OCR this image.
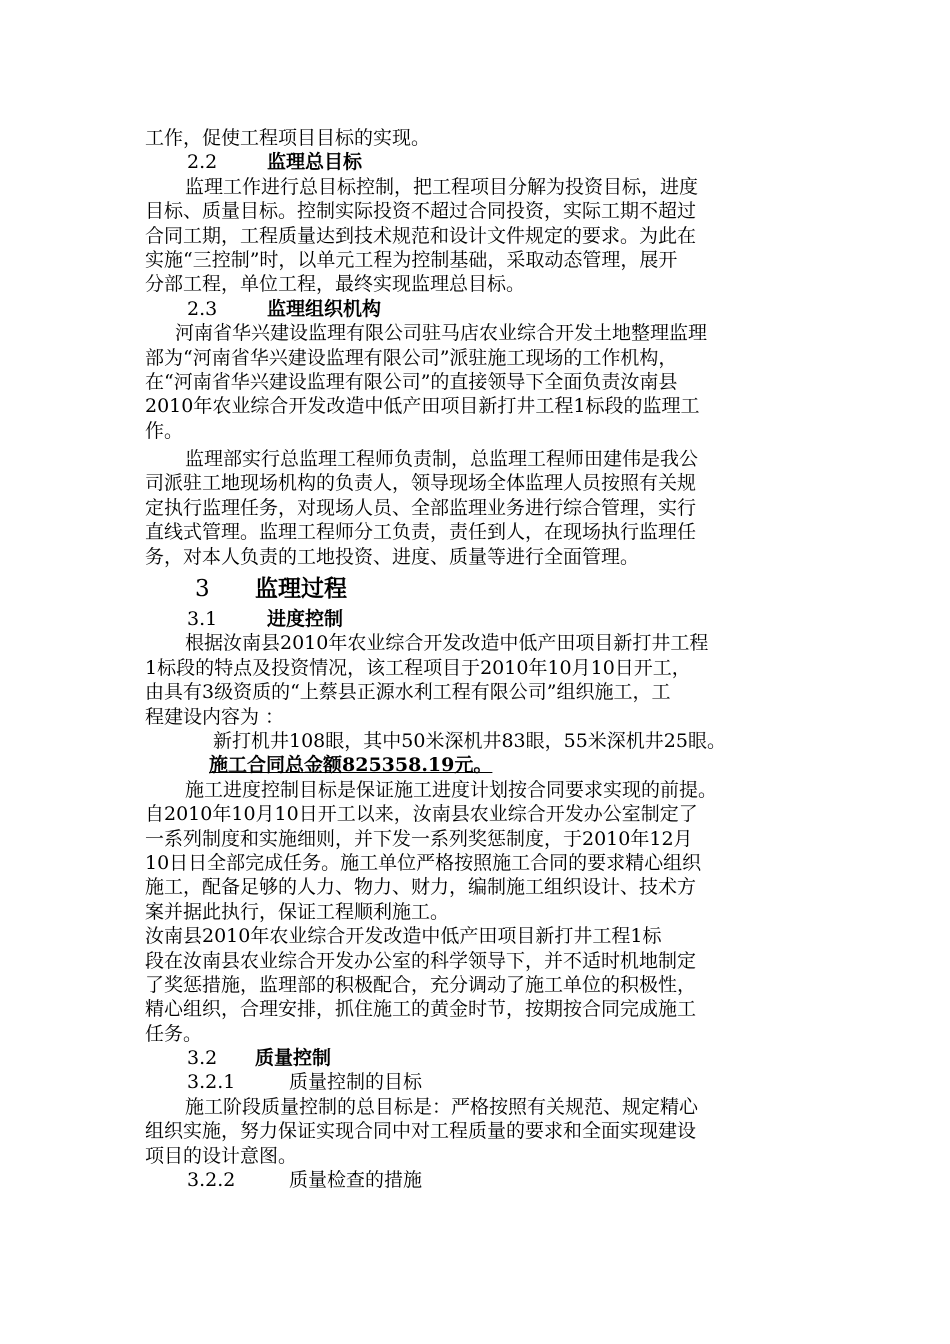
工作，促使工程项目目标的实现。
2.2	监理总目标
监理工作进行总目标控制，把工程项目分解为投资目标，进度
目标、质量目标。控制实际投资不超过合同投资，实际工期不超过
合同工期，工程质量达到技术规范和设计文件规定的要求。为此在
实施“三控制”时，以单元工程为控制基础，采取动态管理，展开
分部工程，单位工程，最终实现监理总目标。
2.3	监理组织机构
河南省华兴建设监理有限公司驻马店农业综合开发土地整理监理
部为“河南省华兴建设监理有限公司”派驻施工现场的工作机构，
在“河南省华兴建设监理有限公司”的直接领导下全面负责汝南县
2010年农业综合开发改造中低产田项目新打井工程1标段的监理工
作。
监理部实行总监理工程师负责制，总监理工程师田建伟是我公
司派驻工地现场机构的负责人，领导现场全体监理人员按照有关规
定执行监理任务，对现场人员、全部监理业务进行综合管理，实行
直线式管理。监理工程师分工负责，责任到人，在现场执行监理任
务，对本人负责的工地投资、进度、质量等进行全面管理。
3 监理过程
3.1	进度控制
根据汝南县2010年农业综合开发改造中低产田项目新打井工程
1标段的特点及投资情况，该工程项目于2010年10月10日开工，
由具有3级资质的“上蔡县正源水利工程有限公司”组织施工，工
程建设内容为 ：
新打机井108眼，其中50米深机井83眼，55米深机井25眼。
施工合同总金额825358.19元。
施工进度控制目标是保证施工进度计划按合同要求实现的前提。
自2010年10月10日开工以来，汝南县农业综合开发办公室制定了
一系列制度和实施细则，并下发一系列奖惩制度，于2010年12月
10日日全部完成任务。施工单位严格按照施工合同的要求精心组织
施工，配备足够的人力、物力、财力，编制施工组织设计、技术方
案并据此执行，保证工程顺利施工。
汝南县2010年农业综合开发改造中低产田项目新打井工程1标
段在汝南县农业综合开发办公室的科学领导下，并不适时机地制定
了奖惩措施，监理部的积极配合，充分调动了施工单位的积极性，
精心组织，合理安排，抓住施工的黄金时节，按期按合同完成施工
任务。
3.2 质量控制
3.2.1	质量控制的目标
施工阶段质量控制的总目标是：严格按照有关规范、规定精心
组织实施，努力保证实现合同中对工程质量的要求和全面实现建设
项目的设计意图。
3.2.2	质量检查的措施
